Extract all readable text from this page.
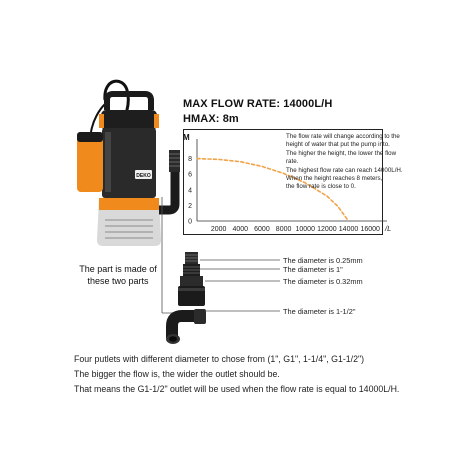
DEKO
MAX FLOW RATE: 14000L/H
HMAX: 8m
M
8
6
4
2
0
2000 4000 6000 8000 10000 12000 14000 16000 /L
The flow rate will change according to the
height of water that put the pump into.
The higher the height, the lower the flow rate.
The highest flow rate can reach 14000L/H.
When the height reaches 8 meters,
the flow rate is close to 0.
The part is made of
these two parts
The diameter is 0.25mm
The diameter is 1"
The diameter is 0.32mm
The diameter is 1-1/2"
Four putlets with different diameter to chose from (1", G1", 1-1/4", G1-1/2")
The bigger the flow is, the wider the outlet should be.
That means the G1-1/2" outlet will be used when the flow rate is equal to 14000L/H.
